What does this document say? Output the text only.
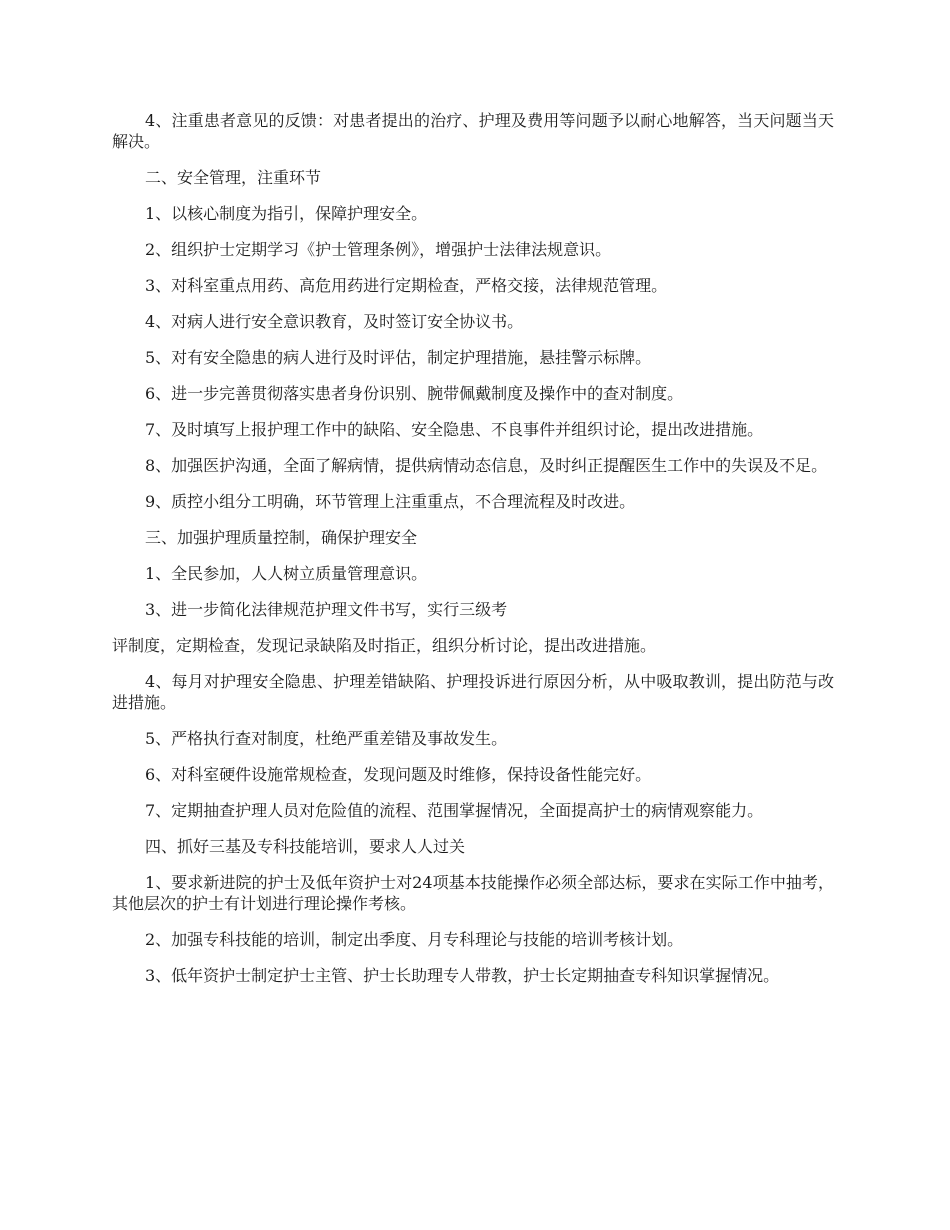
4、注重患者意见的反馈：对患者提出的治疗、护理及费用等问题予以耐心地解答，当天问题当天解决。

二、安全管理，注重环节

1、以核心制度为指引，保障护理安全。

2、组织护士定期学习《护士管理条例》，增强护士法律法规意识。

3、对科室重点用药、高危用药进行定期检查，严格交接，法律规范管理。

4、对病人进行安全意识教育，及时签订安全协议书。

5、对有安全隐患的病人进行及时评估，制定护理措施，悬挂警示标牌。

6、进一步完善贯彻落实患者身份识别、腕带佩戴制度及操作中的查对制度。

7、及时填写上报护理工作中的缺陷、安全隐患、不良事件并组织讨论，提出改进措施。

8、加强医护沟通，全面了解病情，提供病情动态信息，及时纠正提醒医生工作中的失误及不足。

9、质控小组分工明确，环节管理上注重重点，不合理流程及时改进。

三、加强护理质量控制，确保护理安全

1、全民参加，人人树立质量管理意识。

3、进一步简化法律规范护理文件书写，实行三级考

评制度，定期检查，发现记录缺陷及时指正，组织分析讨论，提出改进措施。

4、每月对护理安全隐患、护理差错缺陷、护理投诉进行原因分析，从中吸取教训，提出防范与改进措施。

5、严格执行查对制度，杜绝严重差错及事故发生。

6、对科室硬件设施常规检查，发现问题及时维修，保持设备性能完好。

7、定期抽查护理人员对危险值的流程、范围掌握情况，全面提高护士的病情观察能力。

四、抓好三基及专科技能培训，要求人人过关

1、要求新进院的护士及低年资护士对24项基本技能操作必须全部达标，要求在实际工作中抽考，其他层次的护士有计划进行理论操作考核。

2、加强专科技能的培训，制定出季度、月专科理论与技能的培训考核计划。

3、低年资护士制定护士主管、护士长助理专人带教，护士长定期抽查专科知识掌握情况。
